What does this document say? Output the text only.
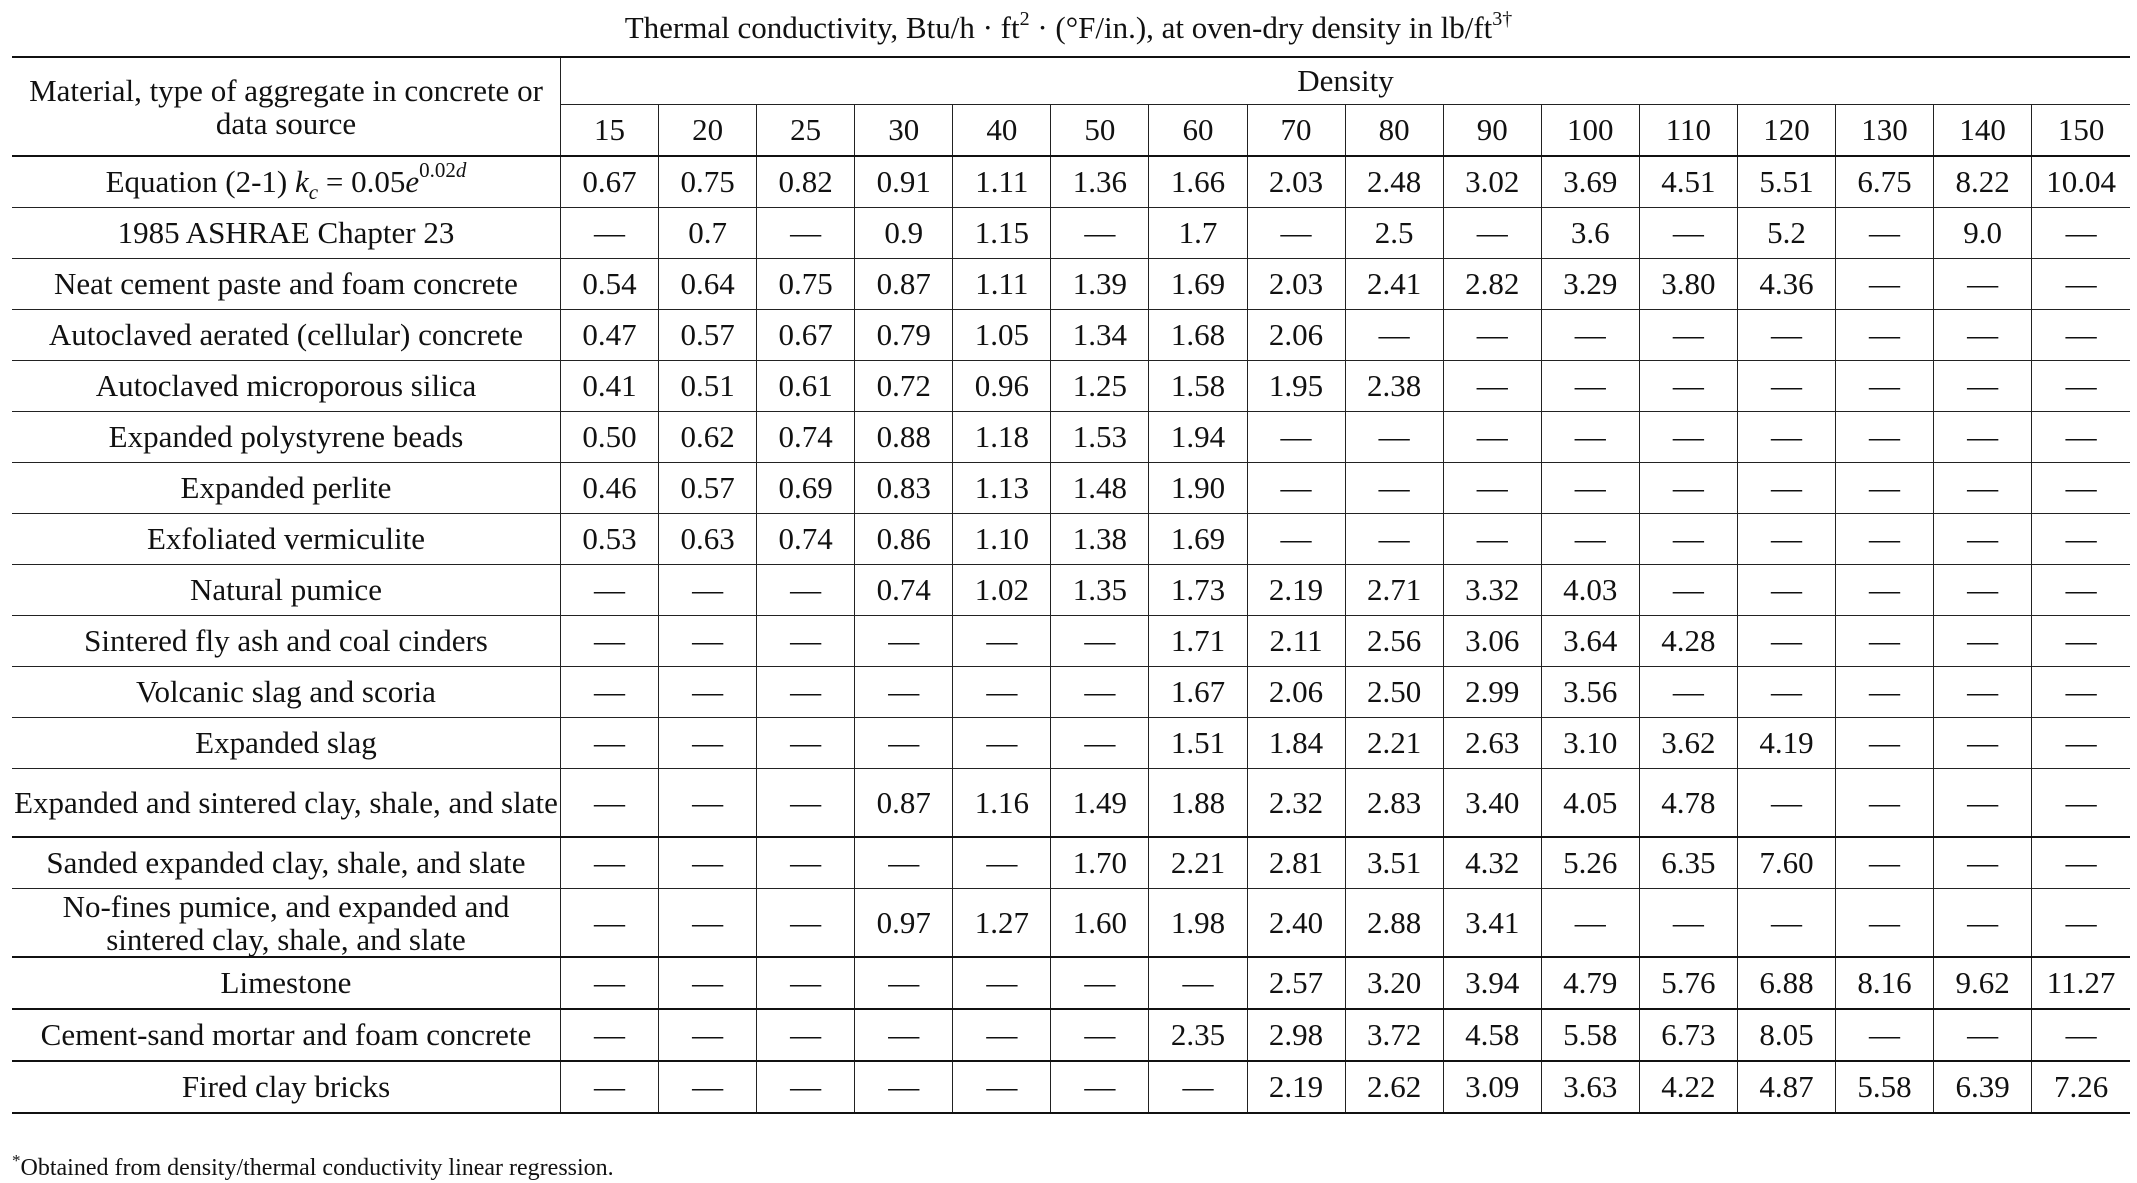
Thermal conductivity, $Btu/h \cdot ft^2 \cdot (^\circ F/in.)$, at oven-dry density in $lb/ft^{3\dagger}$
Material, type of aggregate in concrete or data source	Density															
	15	20	25	30	40	50	60	70	80	90	100	110	120	130	140	150
Equation (2-1) $k_c = 0.05e^{0.02d}$	0.67	0.75	0.82	0.91	1.11	1.36	1.66	2.03	2.48	3.02	3.69	4.51	5.51	6.75	8.22	10.04
1985 ASHRAE Chapter 23	—	0.7	—	0.9	1.15	—	1.7	—	2.5	—	3.6	—	5.2	—	9.0	—
Neat cement paste and foam concrete	0.54	0.64	0.75	0.87	1.11	1.39	1.69	2.03	2.41	2.82	3.29	3.80	4.36	—	—	—
Autoclaved aerated (cellular) concrete	0.47	0.57	0.67	0.79	1.05	1.34	1.68	2.06	—	—	—	—	—	—	—	—
Autoclaved microporous silica	0.41	0.51	0.61	0.72	0.96	1.25	1.58	1.95	2.38	—	—	—	—	—	—	—
Expanded polystyrene beads	0.50	0.62	0.74	0.88	1.18	1.53	1.94	—	—	—	—	—	—	—	—	—
Expanded perlite	0.46	0.57	0.69	0.83	1.13	1.48	1.90	—	—	—	—	—	—	—	—	—
Exfoliated vermiculite	0.53	0.63	0.74	0.86	1.10	1.38	1.69	—	—	—	—	—	—	—	—	—
Natural pumice	—	—	—	0.74	1.02	1.35	1.73	2.19	2.71	3.32	4.03	—	—	—	—	—
Sintered fly ash and coal cinders	—	—	—	—	—	—	1.71	2.11	2.56	3.06	3.64	4.28	—	—	—	—
Volcanic slag and scoria	—	—	—	—	—	—	1.67	2.06	2.50	2.99	3.56	—	—	—	—	—
Expanded slag	—	—	—	—	—	—	1.51	1.84	2.21	2.63	3.10	3.62	4.19	—	—	—
Expanded and sintered clay, shale, and slate	—	—	—	0.87	1.16	1.49	1.88	2.32	2.83	3.40	4.05	4.78	—	—	—	—
Sanded expanded clay, shale, and slate	—	—	—	—	—	1.70	2.21	2.81	3.51	4.32	5.26	6.35	7.60	—	—	—
No-fines pumice, and expanded and sintered clay, shale, and slate	—	—	—	0.97	1.27	1.60	1.98	2.40	2.88	3.41	—	—	—	—	—	—
Limestone	—	—	—	—	—	—	—	2.57	3.20	3.94	4.79	5.76	6.88	8.16	9.62	11.27
Cement-sand mortar and foam concrete	—	—	—	—	—	—	2.35	2.98	3.72	4.58	5.58	6.73	8.05	—	—	—
Fired clay bricks	—	—	—	—	—	—	—	2.19	2.62	3.09	3.63	4.22	4.87	5.58	6.39	7.26
*Obtained from density/thermal conductivity linear regression.
